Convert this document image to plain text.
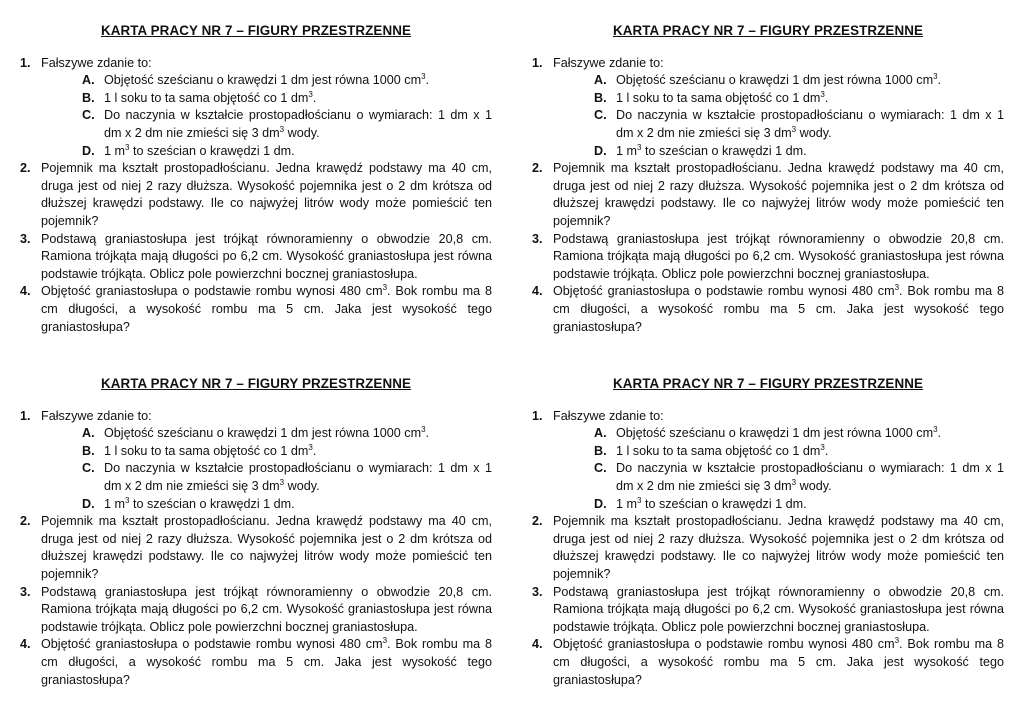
KARTA PRACY NR 7 – FIGURY PRZESTRZENNE
1. Fałszywe zdanie to:
A. Objętość sześcianu o krawędzi 1 dm jest równa 1000 $cm^3$.
B. 1 l soku to ta sama objętość co 1 $dm^3$.
C. Do naczynia w kształcie prostopadłościanu o wymiarach: 1 dm x 1 dm x 2 dm nie zmieści się 3 $dm^3$ wody.
D. 1 $m^3$ to sześcian o krawędzi 1 dm.
2. Pojemnik ma kształt prostopadłościanu. Jedna krawędź podstawy ma 40 cm, druga jest od niej 2 razy dłuższa. Wysokość pojemnika jest o 2 dm krótsza od dłuższej krawędzi podstawy. Ile co najwyżej litrów wody może pomieścić ten pojemnik?
3. Podstawą graniastosłupa jest trójkąt równoramienny o obwodzie 20,8 cm. Ramiona trójkąta mają długości po 6,2 cm. Wysokość graniastosłupa jest równa podstawie trójkąta. Oblicz pole powierzchni bocznej graniastosłupa.
4. Objętość graniastosłupa o podstawie rombu wynosi 480 $cm^3$. Bok rombu ma 8 cm długości, a wysokość rombu ma 5 cm. Jaka jest wysokość tego graniastosłupa?
KARTA PRACY NR 7 – FIGURY PRZESTRZENNE
1. Fałszywe zdanie to:
A. Objętość sześcianu o krawędzi 1 dm jest równa 1000 $cm^3$.
B. 1 l soku to ta sama objętość co 1 $dm^3$.
C. Do naczynia w kształcie prostopadłościanu o wymiarach: 1 dm x 1 dm x 2 dm nie zmieści się 3 $dm^3$ wody.
D. 1 $m^3$ to sześcian o krawędzi 1 dm.
2. Pojemnik ma kształt prostopadłościanu. Jedna krawędź podstawy ma 40 cm, druga jest od niej 2 razy dłuższa. Wysokość pojemnika jest o 2 dm krótsza od dłuższej krawędzi podstawy. Ile co najwyżej litrów wody może pomieścić ten pojemnik?
3. Podstawą graniastosłupa jest trójkąt równoramienny o obwodzie 20,8 cm. Ramiona trójkąta mają długości po 6,2 cm. Wysokość graniastosłupa jest równa podstawie trójkąta. Oblicz pole powierzchni bocznej graniastosłupa.
4. Objętość graniastosłupa o podstawie rombu wynosi 480 $cm^3$. Bok rombu ma 8 cm długości, a wysokość rombu ma 5 cm. Jaka jest wysokość tego graniastosłupa?
KARTA PRACY NR 7 – FIGURY PRZESTRZENNE
1. Fałszywe zdanie to:
A. Objętość sześcianu o krawędzi 1 dm jest równa 1000 $cm^3$.
B. 1 l soku to ta sama objętość co 1 $dm^3$.
C. Do naczynia w kształcie prostopadłościanu o wymiarach: 1 dm x 1 dm x 2 dm nie zmieści się 3 $dm^3$ wody.
D. 1 $m^3$ to sześcian o krawędzi 1 dm.
2. Pojemnik ma kształt prostopadłościanu. Jedna krawędź podstawy ma 40 cm, druga jest od niej 2 razy dłuższa. Wysokość pojemnika jest o 2 dm krótsza od dłuższej krawędzi podstawy. Ile co najwyżej litrów wody może pomieścić ten pojemnik?
3. Podstawą graniastosłupa jest trójkąt równoramienny o obwodzie 20,8 cm. Ramiona trójkąta mają długości po 6,2 cm. Wysokość graniastosłupa jest równa podstawie trójkąta. Oblicz pole powierzchni bocznej graniastosłupa.
4. Objętość graniastosłupa o podstawie rombu wynosi 480 $cm^3$. Bok rombu ma 8 cm długości, a wysokość rombu ma 5 cm. Jaka jest wysokość tego graniastosłupa?
KARTA PRACY NR 7 – FIGURY PRZESTRZENNE
1. Fałszywe zdanie to:
A. Objętość sześcianu o krawędzi 1 dm jest równa 1000 $cm^3$.
B. 1 l soku to ta sama objętość co 1 $dm^3$.
C. Do naczynia w kształcie prostopadłościanu o wymiarach: 1 dm x 1 dm x 2 dm nie zmieści się 3 $dm^3$ wody.
D. 1 $m^3$ to sześcian o krawędzi 1 dm.
2. Pojemnik ma kształt prostopadłościanu. Jedna krawędź podstawy ma 40 cm, druga jest od niej 2 razy dłuższa. Wysokość pojemnika jest o 2 dm krótsza od dłuższej krawędzi podstawy. Ile co najwyżej litrów wody może pomieścić ten pojemnik?
3. Podstawą graniastosłupa jest trójkąt równoramienny o obwodzie 20,8 cm. Ramiona trójkąta mają długości po 6,2 cm. Wysokość graniastosłupa jest równa podstawie trójkąta. Oblicz pole powierzchni bocznej graniastosłupa.
4. Objętość graniastosłupa o podstawie rombu wynosi 480 $cm^3$. Bok rombu ma 8 cm długości, a wysokość rombu ma 5 cm. Jaka jest wysokość tego graniastosłupa?
